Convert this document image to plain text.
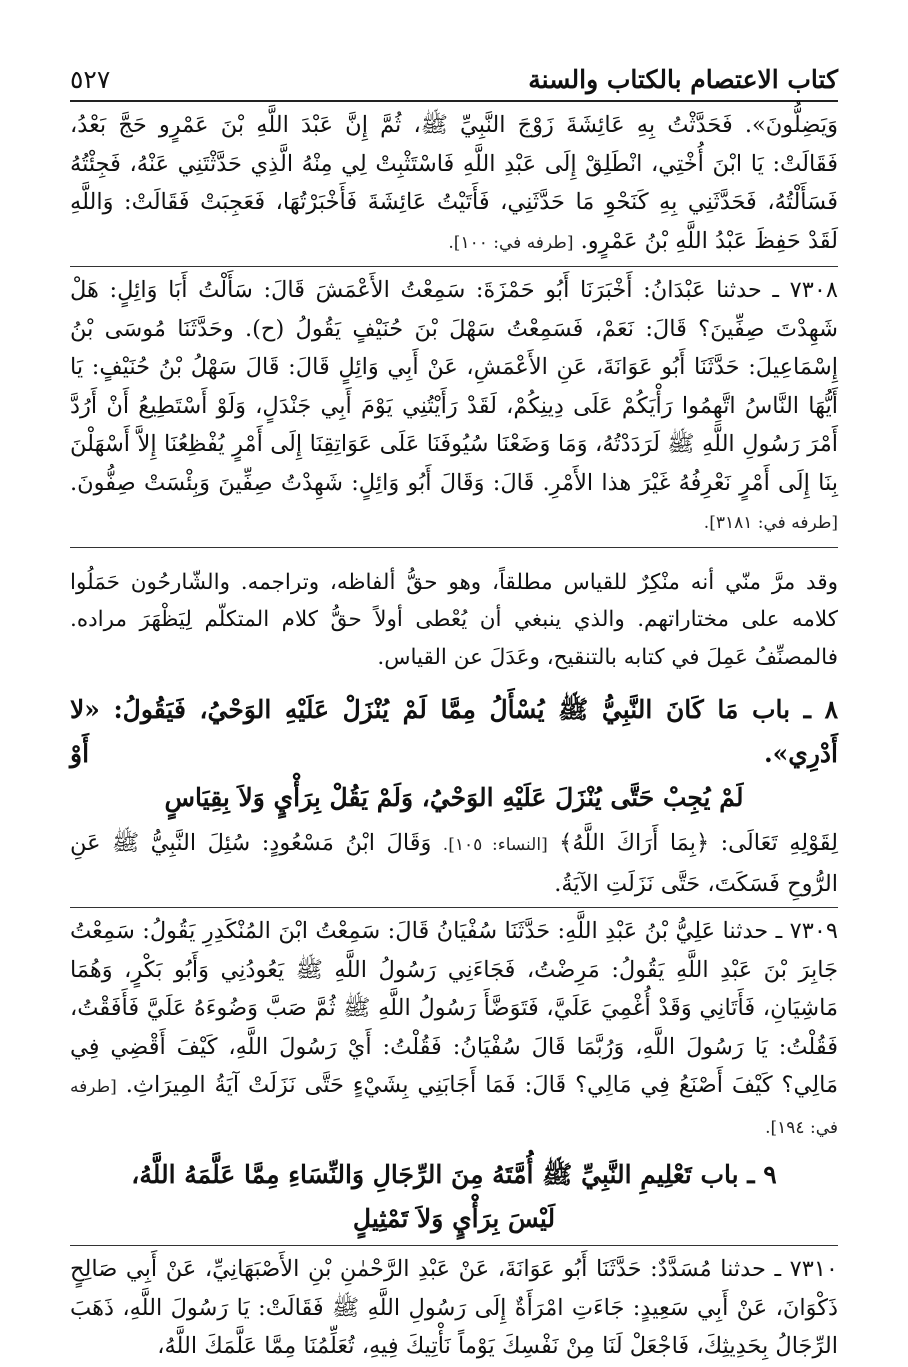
كتاب الاعتصام بالكتاب والسنة
٥٢٧

وَيَضِلُّونَ». فَحَدَّثْتُ بِهِ عَائِشَةَ زَوْجَ النَّبِيِّ ﷺ، ثُمَّ إِنَّ عَبْدَ اللَّهِ بْنَ عَمْرٍو حَجَّ بَعْدُ، فَقَالَتْ: يَا ابْنَ أُخْتِي، انْطَلِقْ إِلَى عَبْدِ اللَّهِ فَاسْتَثْبِتْ لِي مِنْهُ الَّذِي حَدَّثْتَنِي عَنْهُ، فَجِئْتُهُ فَسَأَلْتُهُ، فَحَدَّثَنِي بِهِ كَنَحْوِ مَا حَدَّثَنِي، فَأَتَيْتُ عَائِشَةَ فَأَخْبَرْتُهَا، فَعَجِبَتْ فَقَالَتْ: وَاللَّهِ لَقَدْ حَفِظَ عَبْدُ اللَّهِ بْنُ عَمْرٍو. [طرفه في: ١٠٠].

٧٣٠٨ ـ حدثنا عَبْدَانُ: أَخْبَرَنَا أَبُو حَمْزَةَ: سَمِعْتُ الأَعْمَشَ قَالَ: سَأَلْتُ أَبَا وَائِلٍ: هَلْ شَهِدْتَ صِفِّينَ؟ قَالَ: نَعَمْ، فَسَمِعْتُ سَهْلَ بْنَ حُنَيْفٍ يَقُولُ (ح). وحَدَّثَنَا مُوسَى بْنُ إِسْمَاعِيلَ: حَدَّثَنَا أَبُو عَوَانَةَ، عَنِ الأَعْمَشِ، عَنْ أَبِي وَائِلٍ قَالَ: قَالَ سَهْلُ بْنُ حُنَيْفٍ: يَا أَيُّهَا النَّاسُ اتَّهِمُوا رَأْيَكُمْ عَلَى دِينِكُمْ، لَقَدْ رَأَيْتُنِي يَوْمَ أَبِي جَنْدَلٍ، وَلَوْ أَسْتَطِيعُ أَنْ أَرُدَّ أَمْرَ رَسُولِ اللَّهِ ﷺ لَرَدَدْتُهُ، وَمَا وَضَعْنَا سُيُوفَنَا عَلَى عَوَاتِقِنَا إِلَى أَمْرٍ يُفْظِعُنَا إِلاَّ أَسْهَلْنَ بِنَا إِلَى أَمْرٍ نَعْرِفُهُ غَيْرَ هذا الأَمْرِ. قَالَ: وَقَالَ أَبُو وَائِلٍ: شَهِدْتُ صِفِّينَ وَبِئْسَتْ صِفُّونَ. [طرفه في: ٣١٨١].

وقد مرَّ منّي أنه منْكِرٌ للقياس مطلقاً، وهو حقُّ ألفاظه، وتراجمه. والشّارحُون حَمَلُوا كلامه على مختاراتهم. والذي ينبغي أن يُعْطى أولاً حقُّ كلام المتكلّم لِيَظْهَرَ مراده. فالمصنِّفُ عَمِلَ في كتابه بالتنقيح، وعَدَلَ عن القياس.

٨ ـ باب مَا كَانَ النَّبِيُّ ﷺ يُسْأَلُ مِمَّا لَمْ يُنْزَلْ عَلَيْهِ الوَحْيُ، فَيَقُولُ: «لا أَدْرِي». أَوْ
لَمْ يُجِبْ حَتَّى يُنْزَلَ عَلَيْهِ الوَحْيُ، وَلَمْ يَقُلْ بِرَأْيٍ وَلاَ بِقِيَاسٍ

لِقَوْلِهِ تَعَالَى: ﴿بِمَا أَرَاكَ اللَّهُ﴾ [النساء: ١٠٥]. وَقَالَ ابْنُ مَسْعُودٍ: سُئِلَ النَّبِيُّ ﷺ عَنِ الرُّوحِ فَسَكَتَ، حَتَّى نَزَلَتِ الآيَةُ.

٧٣٠٩ ـ حدثنا عَلِيُّ بْنُ عَبْدِ اللَّهِ: حَدَّثَنَا سُفْيَانُ قَالَ: سَمِعْتُ ابْنَ المُنْكَدِرِ يَقُولُ: سَمِعْتُ جَابِرَ بْنَ عَبْدِ اللَّهِ يَقُولُ: مَرِضْتُ، فَجَاءَنِي رَسُولُ اللَّهِ ﷺ يَعُودُنِي وَأَبُو بَكْرٍ، وَهُمَا مَاشِيَانِ، فَأَتَانِي وَقَدْ أُغْمِيَ عَلَيَّ، فَتَوَضَّأَ رَسُولُ اللَّهِ ﷺ ثُمَّ صَبَّ وَضُوءَهُ عَلَيَّ فَأَفَقْتُ، فَقُلْتُ: يَا رَسُولَ اللَّهِ، وَرُبَّمَا قَالَ سُفْيَانُ: فَقُلْتُ: أَيْ رَسُولَ اللَّهِ، كَيْفَ أَقْضِي فِي مَالِي؟ كَيْفَ أَصْنَعُ فِي مَالِي؟ قَالَ: فَمَا أَجَابَنِي بِشَيْءٍ حَتَّى نَزَلَتْ آيَةُ المِيرَاثِ. [طرفه في: ١٩٤].

٩ ـ باب تَعْلِيمِ النَّبِيِّ ﷺ أُمَّتَهُ مِنَ الرِّجَالِ وَالنِّسَاءِ مِمَّا عَلَّمَهُ اللَّهُ،
لَيْسَ بِرَأْيٍ وَلاَ تَمْثِيلٍ

٧٣١٠ ـ حدثنا مُسَدَّدٌ: حَدَّثَنَا أَبُو عَوَانَةَ، عَنْ عَبْدِ الرَّحْمٰنِ بْنِ الأَصْبَهَانِيِّ، عَنْ أَبِي صَالِحٍ ذَكْوَانَ، عَنْ أَبِي سَعِيدٍ: جَاءَتِ امْرَأَةٌ إِلَى رَسُولِ اللَّهِ ﷺ فَقَالَتْ: يَا رَسُولَ اللَّهِ، ذَهَبَ الرِّجَالُ بِحَدِيثِكَ، فَاجْعَلْ لَنَا مِنْ نَفْسِكَ يَوْماً نَأْتِيكَ فِيهِ، تُعَلِّمُنَا مِمَّا عَلَّمَكَ اللَّهُ،
